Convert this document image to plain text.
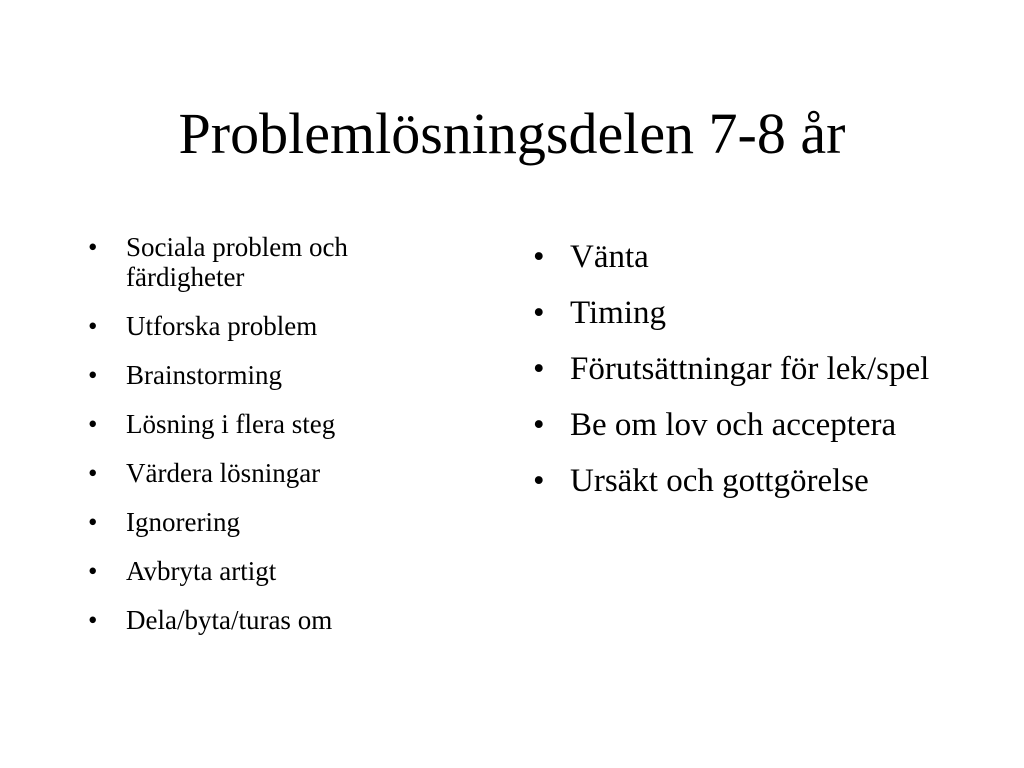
Problemlösningsdelen 7-8 år
• Sociala problem och färdigheter
• Utforska problem
• Brainstorming
• Lösning i flera steg
• Värdera lösningar
• Ignorering
• Avbryta artigt
• Dela/byta/turas om
• Vänta
• Timing
• Förutsättningar för lek/spel
• Be om lov och acceptera
• Ursäkt och gottgörelse
